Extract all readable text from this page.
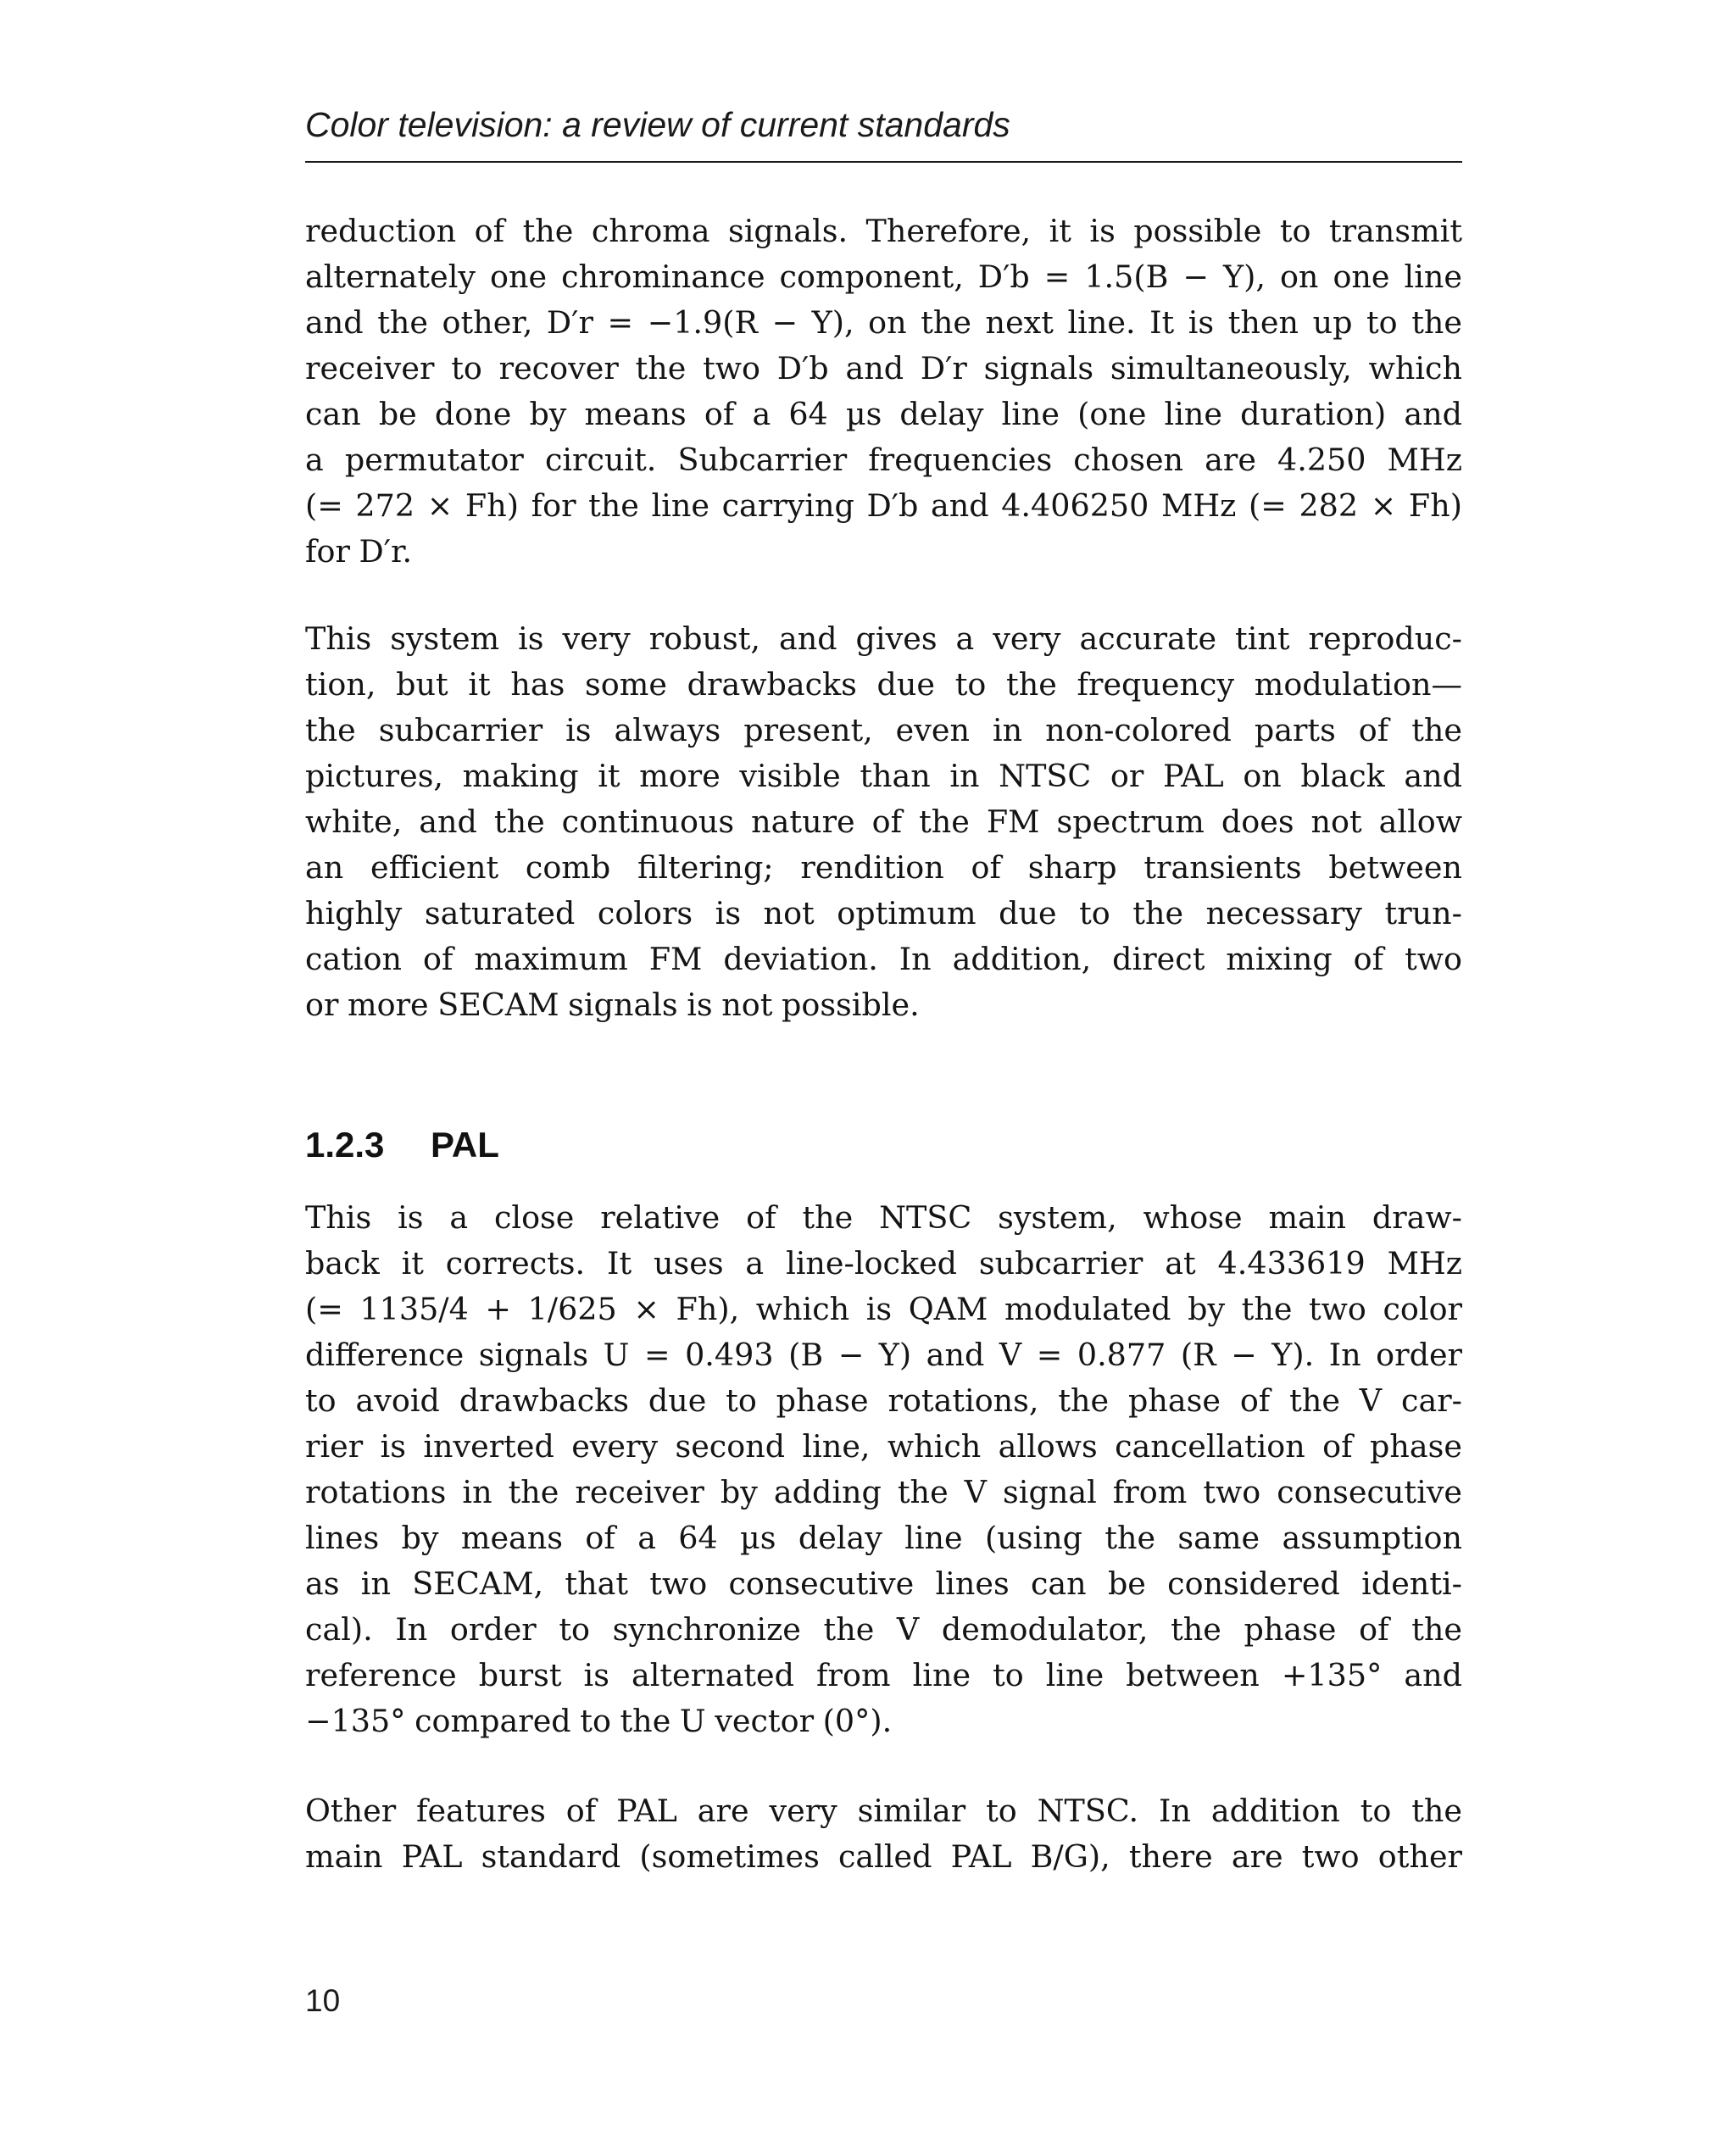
Color television: a review of current standards
reduction of the chroma signals. Therefore, it is possible to transmit
alternately one chrominance component, D′b = 1.5(B − Y), on one line
and the other, D′r = −1.9(R − Y), on the next line. It is then up to the
receiver to recover the two D′b and D′r signals simultaneously, which
can be done by means of a 64 µs delay line (one line duration) and
a permutator circuit. Subcarrier frequencies chosen are 4.250 MHz
(= 272 × Fh) for the line carrying D′b and 4.406250 MHz (= 282 × Fh)
for D′r.
This system is very robust, and gives a very accurate tint reproduc-
tion, but it has some drawbacks due to the frequency modulation—
the subcarrier is always present, even in non-colored parts of the
pictures, making it more visible than in NTSC or PAL on black and
white, and the continuous nature of the FM spectrum does not allow
an efficient comb filtering; rendition of sharp transients between
highly saturated colors is not optimum due to the necessary trun-
cation of maximum FM deviation. In addition, direct mixing of two
or more SECAM signals is not possible.
1.2.3 PAL
This is a close relative of the NTSC system, whose main draw-
back it corrects. It uses a line-locked subcarrier at 4.433619 MHz
(= 1135/4 + 1/625 × Fh), which is QAM modulated by the two color
difference signals U = 0.493 (B − Y) and V = 0.877 (R − Y). In order
to avoid drawbacks due to phase rotations, the phase of the V car-
rier is inverted every second line, which allows cancellation of phase
rotations in the receiver by adding the V signal from two consecutive
lines by means of a 64 µs delay line (using the same assumption
as in SECAM, that two consecutive lines can be considered identi-
cal). In order to synchronize the V demodulator, the phase of the
reference burst is alternated from line to line between +135° and
−135° compared to the U vector (0°).
Other features of PAL are very similar to NTSC. In addition to the
main PAL standard (sometimes called PAL B/G), there are two other
10
